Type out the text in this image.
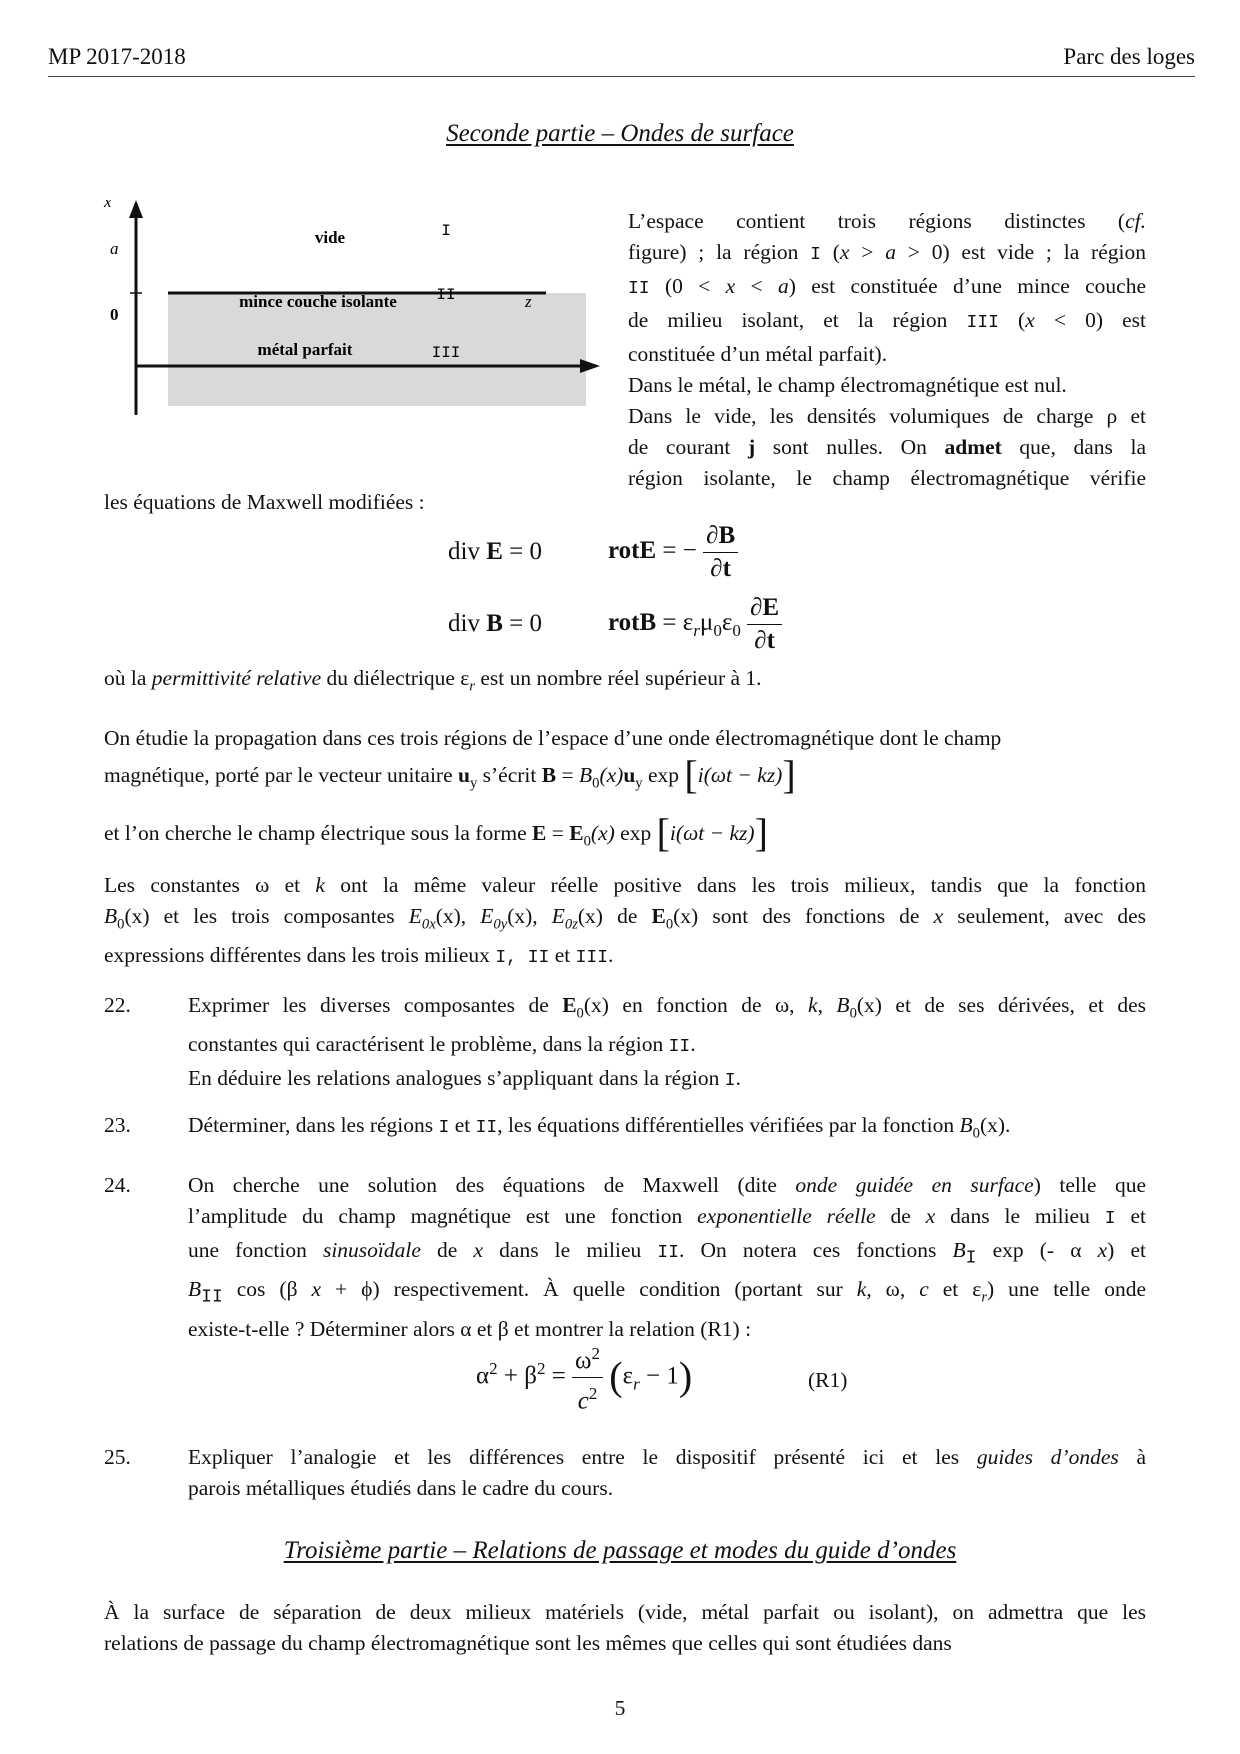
MP 2017-2018	Parc des loges
Seconde partie – Ondes de surface
x
a
0
z
vide
mince couche isolante
métal parfait
I
II
III

L’espace contient trois régions distinctes (cf.

figure) ; la région I (x > a > 0) est vide ; la région

II (0 < x < a) est constituée d’une mince couche

de milieu isolant, et la région III (x < 0) est

constituée d’un métal parfait).

Dans le métal, le champ électromagnétique est nul.

Dans le vide, les densités volumiques de charge ρ et

de courant j sont nulles. On admet que, dans la

région isolante, le champ électromagnétique vérifie

les équations de Maxwell modifiées :
div E = 0	rotE = − $\frac{\partial B}{\partial t}$
div B = 0	rotB = $\varepsilon_r\mu_0\varepsilon_0 \frac{\partial E}{\partial t}$
où la permittivité relative du diélectrique $\varepsilon_r$ est un nombre réel supérieur à 1.
On étudie la propagation dans ces trois régions de l’espace d’une onde électromagnétique dont le champ
magnétique, porté par le vecteur unitaire $u_y$ s’écrit $B = B_0(x)u_y$ exp [i(ωt − kz)]
et l’on cherche le champ électrique sous la forme $E = E_0(x)$ exp [i(ωt − kz)]

Les constantes ω et k ont la même valeur réelle positive dans les trois milieux, tandis que la fonction

$B_0(x)$ et les trois composantes $E_{0x}(x)$, $E_{0y}(x)$, $E_{0z}(x)$ de $E_0(x)$ sont des fonctions de x seulement, avec des

expressions différentes dans les trois milieux I, II et III.

22.	Exprimer les diverses composantes de $E_0(x)$ en fonction de ω, k, $B_0(x)$ et de ses dérivées, et des

constantes qui caractérisent le problème, dans la région II.

En déduire les relations analogues s’appliquant dans la région I.

23.	Déterminer, dans les régions I et II, les équations différentielles vérifiées par la fonction $B_0(x)$.

24.	On cherche une solution des équations de Maxwell (dite onde guidée en surface) telle que

l’amplitude du champ magnétique est une fonction exponentielle réelle de x dans le milieu I et

une fonction sinusoïdale de x dans le milieu II. On notera ces fonctions $B_I$ exp (- α x) et

$B_{II}$ cos (β x + ϕ) respectivement. À quelle condition (portant sur k, ω, c et $\varepsilon_r$) une telle onde

existe-t-elle ? Déterminer alors α et β et montrer la relation (R1) :

$\alpha^2 + \beta^2 = \frac{\omega^2}{c^2} (\varepsilon_r - 1)$	(R1)
25.	Expliquer l’analogie et les différences entre le dispositif présenté ici et les guides d’ondes à

parois métalliques étudiés dans le cadre du cours.

Troisième partie – Relations de passage et modes du guide d’ondes

À la surface de séparation de deux milieux matériels (vide, métal parfait ou isolant), on admettra que les

relations de passage du champ électromagnétique sont les mêmes que celles qui sont étudiées dans

5
